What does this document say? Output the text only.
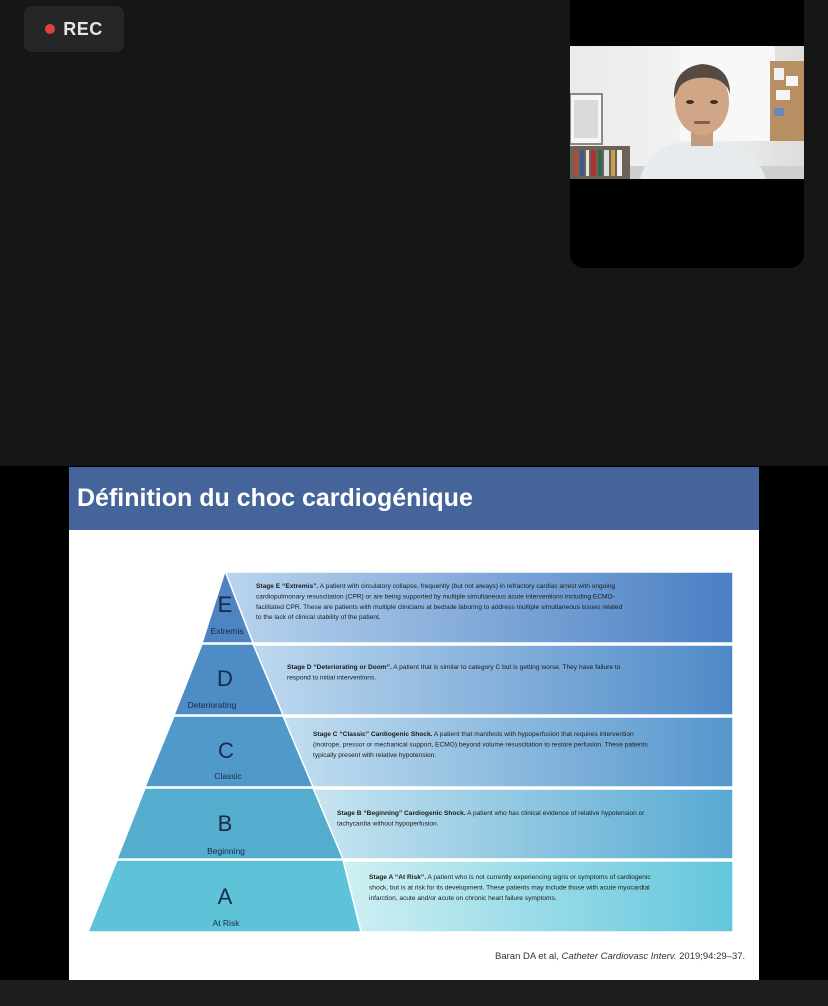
REC
Définition du choc cardiogénique
E
Extremis
D
Deteriorating
C
Classic
B
Beginning
A
At Risk
Stage E “Extremis”. A patient with circulatory collapse, frequently (but not always) in refractory cardiac arrest with ongoing
cardiopulmonary resuscitation (CPR) or are being supported by multiple simultaneous acute interventions including ECMO-
facilitated CPR. These are patients with multiple clinicians at bedside laboring to address multiple simultaneous issues related
to the lack of clinical stability of the patient.
Stage D “Deteriorating or Doom”. A patient that is similar to category C but is getting worse. They have failure to
respond to initial interventions.
Stage C “Classic” Cardiogenic Shock. A patient that manifests with hypoperfusion that requires intervention
(inotrope, pressor or mechanical support, ECMO) beyond volume resuscitation to restore perfusion. These patients
typically present with relative hypotension.
Stage B “Beginning” Cardiogenic Shock. A patient who has clinical evidence of relative hypotension or
tachycardia without hypoperfusion.
Stage A “At Risk”. A patient who is not currently experiencing signs or symptoms of cardiogenic
shock, but is at risk for its development. These patients may include those with acute myocardial
infarction, acute and/or acute on chronic heart failure symptoms.
Baran DA et al, Catheter Cardiovasc Interv. 2019;94:29–37.
